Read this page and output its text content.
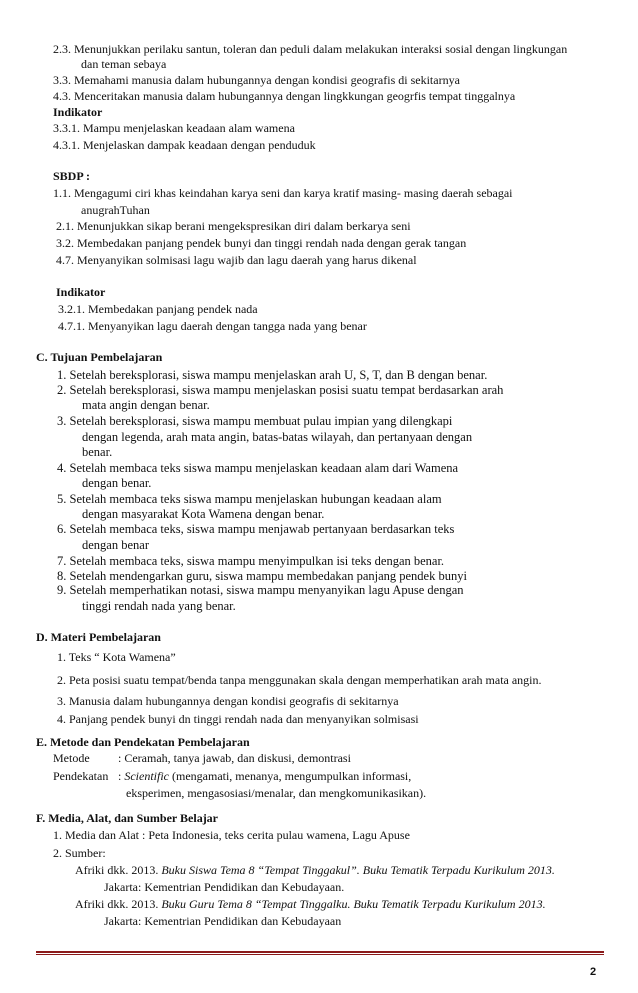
2.3. Menunjukkan perilaku santun, toleran dan peduli dalam melakukan interaksi sosial dengan lingkungan
dan teman sebaya
3.3. Memahami manusia dalam hubungannya dengan kondisi geografis di sekitarnya
4.3. Menceritakan manusia dalam hubungannya dengan lingkkungan geogrfis tempat tinggalnya
Indikator
3.3.1. Mampu menjelaskan keadaan alam wamena
4.3.1. Menjelaskan dampak keadaan dengan penduduk
SBDP :
1.1. Mengagumi ciri khas keindahan karya seni dan karya kratif masing- masing daerah sebagai
anugrahTuhan
2.1. Menunjukkan sikap berani mengekspresikan diri dalam berkarya seni
3.2. Membedakan panjang pendek bunyi dan tinggi rendah nada dengan gerak tangan
4.7. Menyanyikan solmisasi lagu wajib dan lagu daerah yang harus dikenal
Indikator
3.2.1. Membedakan panjang pendek nada
4.7.1. Menyanyikan lagu daerah dengan tangga nada yang benar
C. Tujuan Pembelajaran
1. Setelah bereksplorasi, siswa mampu menjelaskan arah U, S, T, dan B dengan benar.
2. Setelah bereksplorasi, siswa mampu menjelaskan posisi suatu tempat berdasarkan arah
mata angin dengan benar.
3. Setelah bereksplorasi, siswa mampu membuat pulau impian yang dilengkapi
dengan legenda, arah mata angin, batas-batas wilayah, dan pertanyaan dengan
benar.
4. Setelah membaca teks siswa mampu menjelaskan keadaan alam dari Wamena
dengan benar.
5. Setelah membaca teks siswa mampu menjelaskan hubungan keadaan alam
dengan masyarakat Kota Wamena dengan benar.
6. Setelah membaca teks, siswa mampu menjawab pertanyaan berdasarkan teks
dengan benar
7. Setelah membaca teks, siswa mampu menyimpulkan isi teks dengan benar.
8. Setelah mendengarkan guru, siswa mampu membedakan panjang pendek bunyi
9. Setelah memperhatikan notasi, siswa mampu menyanyikan lagu Apuse dengan
tinggi rendah nada yang benar.
D. Materi Pembelajaran
1. Teks “ Kota Wamena”
2. Peta posisi suatu tempat/benda tanpa menggunakan skala dengan memperhatikan arah mata angin.
3. Manusia dalam hubungannya dengan kondisi geografis di sekitarnya
4. Panjang pendek bunyi dn tinggi rendah nada dan menyanyikan solmisasi
E. Metode dan Pendekatan Pembelajaran
Metode : Ceramah, tanya jawab, dan diskusi, demontrasi
Pendekatan : Scientific (mengamati, menanya, mengumpulkan informasi,
eksperimen, mengasosiasi/menalar, dan mengkomunikasikan).
F. Media, Alat, dan Sumber Belajar
1. Media dan Alat : Peta Indonesia, teks cerita pulau wamena, Lagu Apuse
2. Sumber:
Afriki dkk. 2013. Buku Siswa Tema 8 “Tempat Tinggakul”. Buku Tematik Terpadu Kurikulum 2013.
Jakarta: Kementrian Pendidikan dan Kebudayaan.
Afriki dkk. 2013. Buku Guru Tema 8 “Tempat Tinggalku. Buku Tematik Terpadu Kurikulum 2013.
Jakarta: Kementrian Pendidikan dan Kebudayaan
2
